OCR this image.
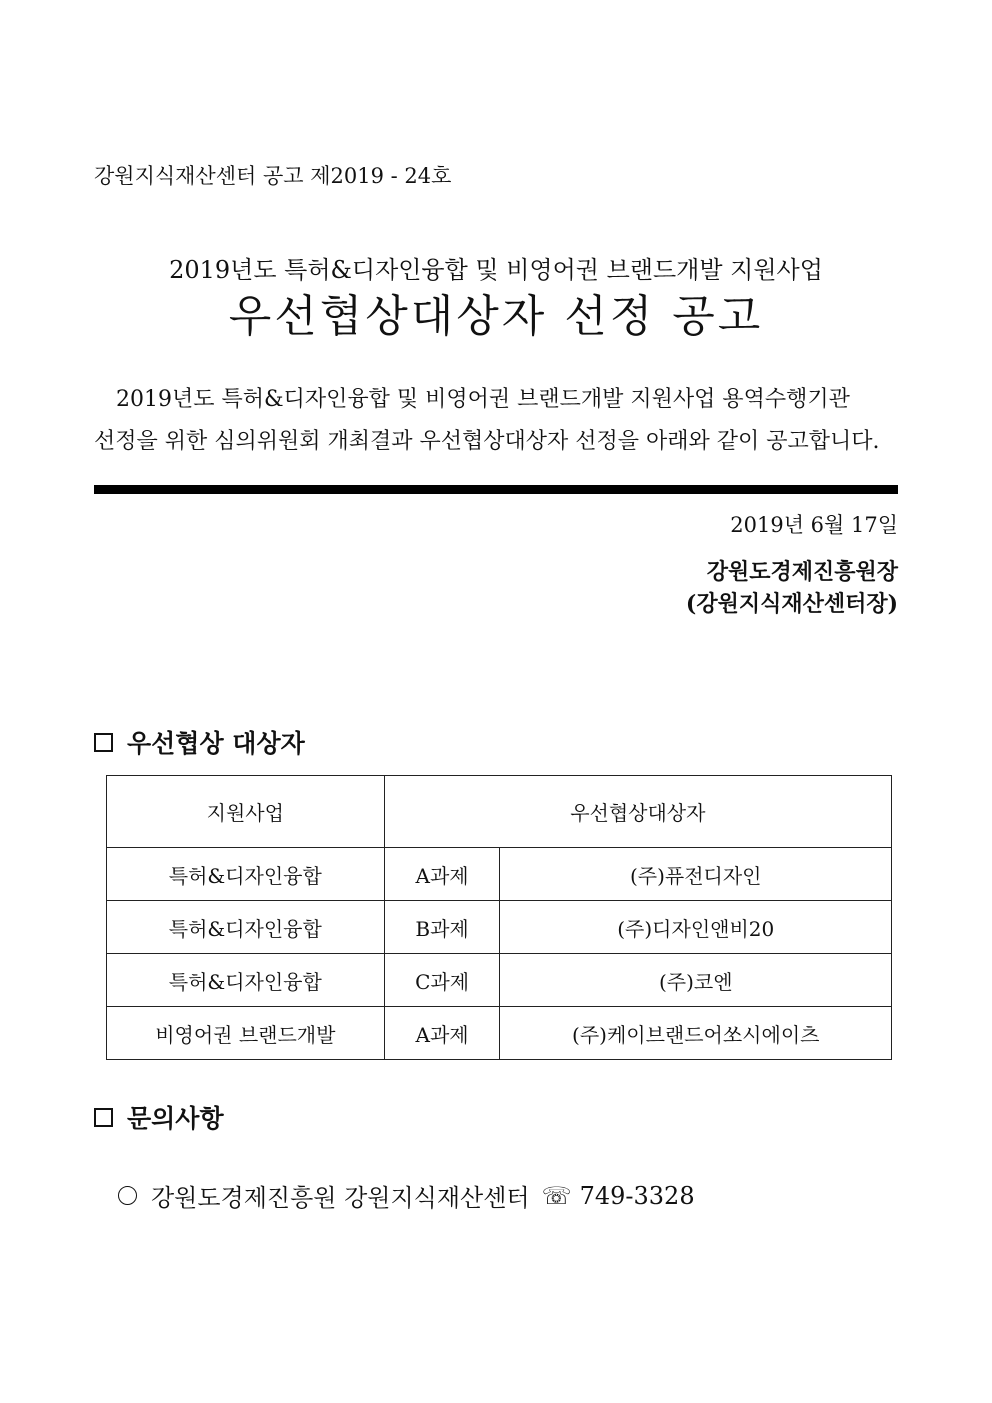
강원지식재산센터 공고 제2019 - 24호
2019년도 특허&디자인융합 및 비영어권 브랜드개발 지원사업
우선협상대상자 선정 공고
2019년도 특허&디자인융합 및 비영어권 브랜드개발 지원사업 용역수행기관
선정을 위한 심의위원회 개최결과 우선협상대상자 선정을 아래와 같이 공고합니다.
2019년 6월 17일
강원도경제진흥원장
(강원지식재산센터장)
우선협상 대상자
지원사업	우선협상대상자	
특허&디자인융합	A과제	(주)퓨전디자인
특허&디자인융합	B과제	(주)디자인앤비20
특허&디자인융합	C과제	(주)코엔
비영어권 브랜드개발	A과제	(주)케이브랜드어쏘시에이츠
문의사항
강원도경제진흥원 강원지식재산센터 ☏ 749-3328
